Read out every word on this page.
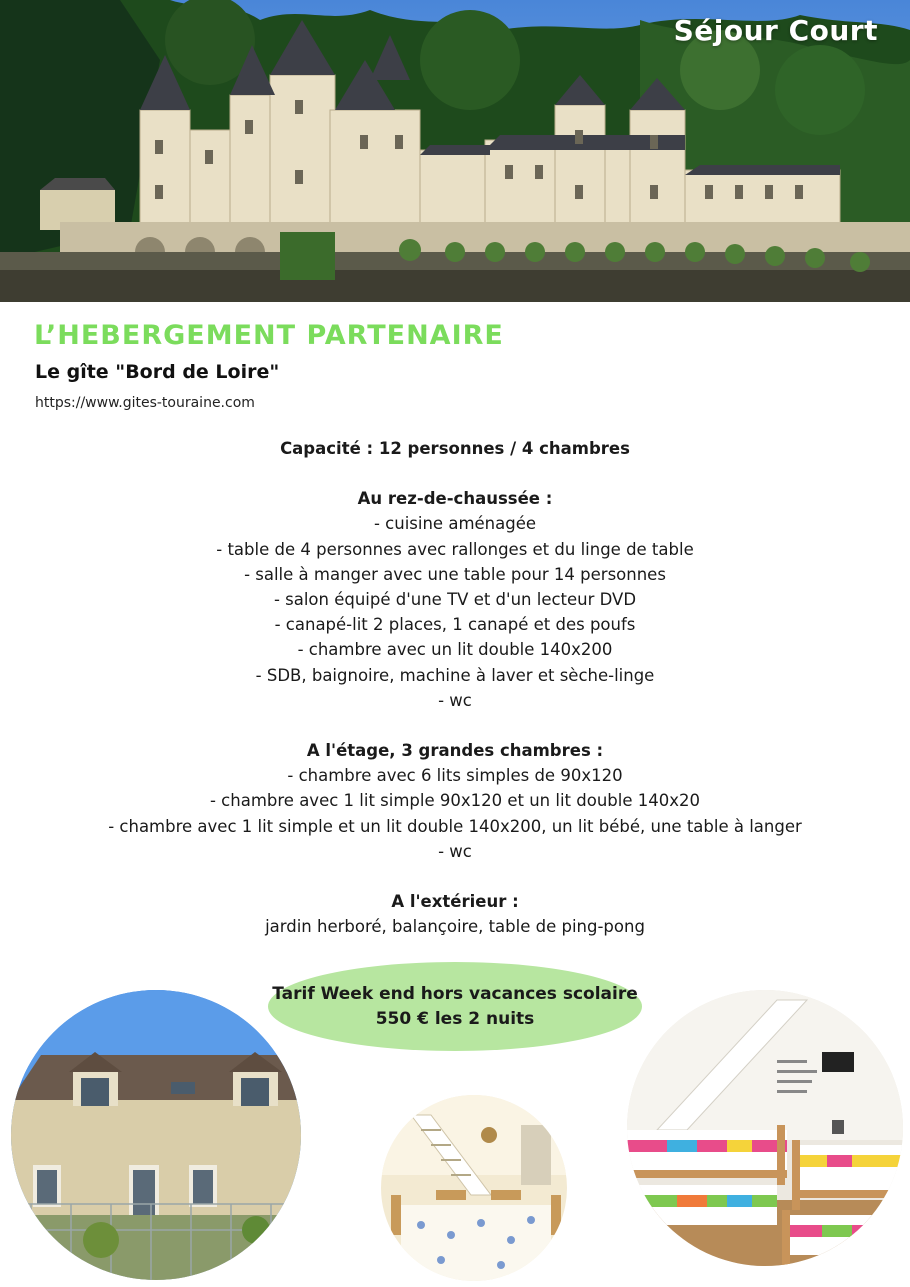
Séjour Court
L’HEBERGEMENT PARTENAIRE
Le gîte "Bord de Loire"
https://www.gites-touraine.com

Capacité : 12 personnes / 4 chambres

Au rez-de-chaussée :

- cuisine aménagée

- table de 4 personnes avec rallonges et du linge de table

- salle à manger avec une table pour 14 personnes

- salon équipé d'une TV et d'un lecteur DVD

- canapé-lit 2 places, 1 canapé et des poufs

- chambre avec un lit double 140x200

- SDB, baignoire, machine à laver et sèche-linge

- wc

A l'étage, 3 grandes chambres :

- chambre avec 6 lits simples de 90x120

- chambre avec 1 lit simple 90x120 et un lit double 140x20

- chambre avec 1 lit simple et un lit double 140x200, un lit bébé, une table à langer

- wc

A l'extérieur :

jardin herboré, balançoire, table de ping-pong

Tarif Week end hors vacances scolaire
550 € les 2 nuits
